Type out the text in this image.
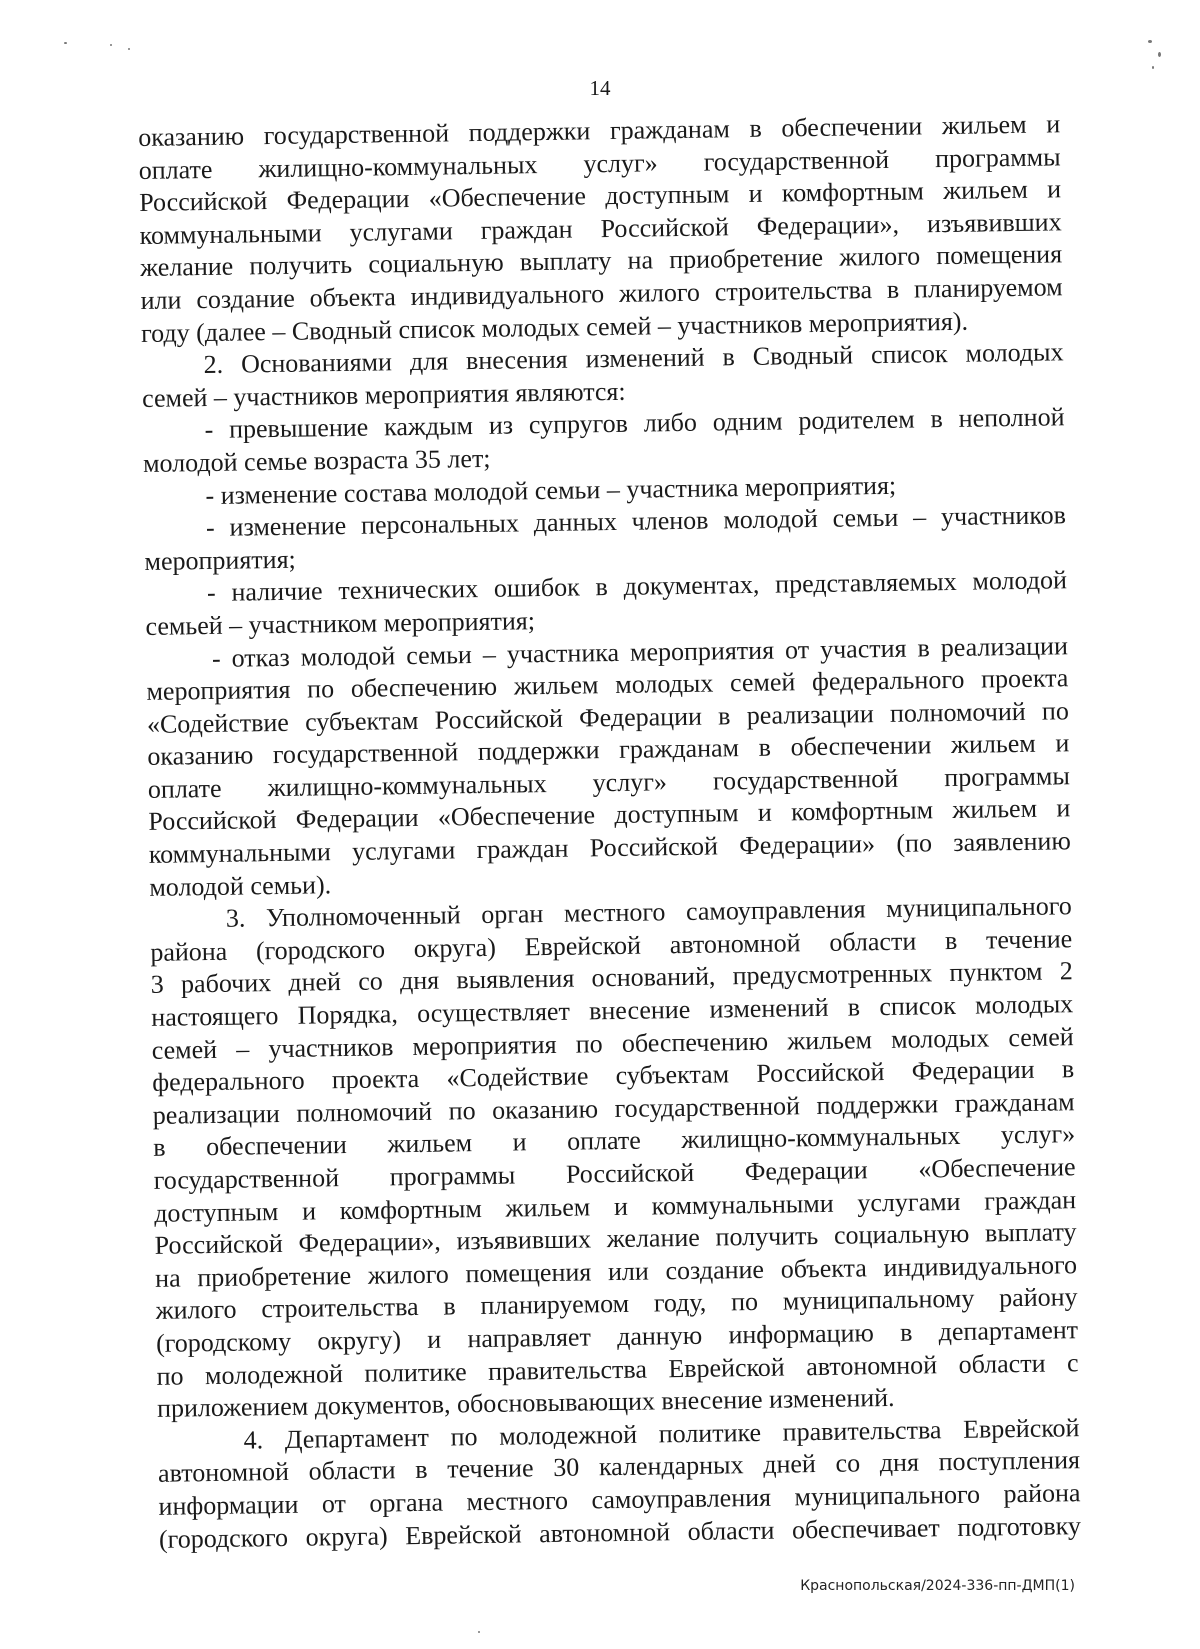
14
оказанию государственной поддержки гражданам в обеспечении жильем и
оплате жилищно-коммунальных услуг» государственной программы
Российской Федерации «Обеспечение доступным и комфортным жильем и
коммунальными услугами граждан Российской Федерации», изъявивших
желание получить социальную выплату на приобретение жилого помещения
или создание объекта индивидуального жилого строительства в планируемом
году (далее – Сводный список молодых семей – участников мероприятия).
2. Основаниями для внесения изменений в Сводный список молодых
семей – участников мероприятия являются:
- превышение каждым из супругов либо одним родителем в неполной
молодой семье возраста 35 лет;
- изменение состава молодой семьи – участника мероприятия;
- изменение персональных данных членов молодой семьи – участников
мероприятия;
- наличие технических ошибок в документах, представляемых молодой
семьей – участником мероприятия;
- отказ молодой семьи – участника мероприятия от участия в реализации
мероприятия по обеспечению жильем молодых семей федерального проекта
«Содействие субъектам Российской Федерации в реализации полномочий по
оказанию государственной поддержки гражданам в обеспечении жильем и
оплате жилищно-коммунальных услуг» государственной программы
Российской Федерации «Обеспечение доступным и комфортным жильем и
коммунальными услугами граждан Российской Федерации» (по заявлению
молодой семьи).
3. Уполномоченный орган местного самоуправления муниципального
района (городского округа) Еврейской автономной области в течение
3 рабочих дней со дня выявления оснований, предусмотренных пунктом 2
настоящего Порядка, осуществляет внесение изменений в список молодых
семей – участников мероприятия по обеспечению жильем молодых семей
федерального проекта «Содействие субъектам Российской Федерации в
реализации полномочий по оказанию государственной поддержки гражданам
в обеспечении жильем и оплате жилищно-коммунальных услуг»
государственной программы Российской Федерации «Обеспечение
доступным и комфортным жильем и коммунальными услугами граждан
Российской Федерации», изъявивших желание получить социальную выплату
на приобретение жилого помещения или создание объекта индивидуального
жилого строительства в планируемом году, по муниципальному району
(городскому округу) и направляет данную информацию в департамент
по молодежной политике правительства Еврейской автономной области с
приложением документов, обосновывающих внесение изменений.
4. Департамент по молодежной политике правительства Еврейской
автономной области в течение 30 календарных дней со дня поступления
информации от органа местного самоуправления муниципального района
(городского округа) Еврейской автономной области обеспечивает подготовку
Краснопольская/2024-336-пп-ДМП(1)
